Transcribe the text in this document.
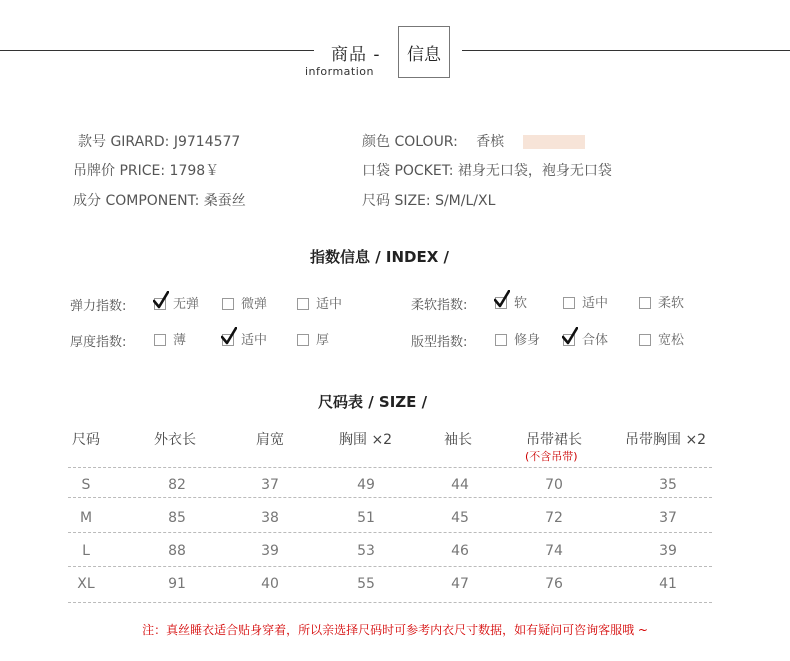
商品 -	信息
information
款号 GIRARD: J9714577
吊牌价 PRICE: 1798￥
成分 COMPONENT: 桑蚕丝
颜色 COLOUR: 香槟
口袋 POCKET: 裙身无口袋，袍身无口袋
尺码 SIZE: S/M/L/XL
指数信息 / INDEX /
弹力指数:	无弹	微弹	适中
厚度指数:	薄	适中	厚
柔软指数:	软	适中	柔软
版型指数:	修身	合体	宽松
尺码表 / SIZE /
尺码	外衣长	肩宽	胸围 ×2	袖长	吊带裙长	吊带胸围 ×2
(不含吊带)
S	82	37	49	44	70	35
M	85	38	51	45	72	37
L	88	39	53	46	74	39
XL	91	40	55	47	76	41
注：真丝睡衣适合贴身穿着，所以亲选择尺码时可参考内衣尺寸数据，如有疑问可咨询客服哦 ~
